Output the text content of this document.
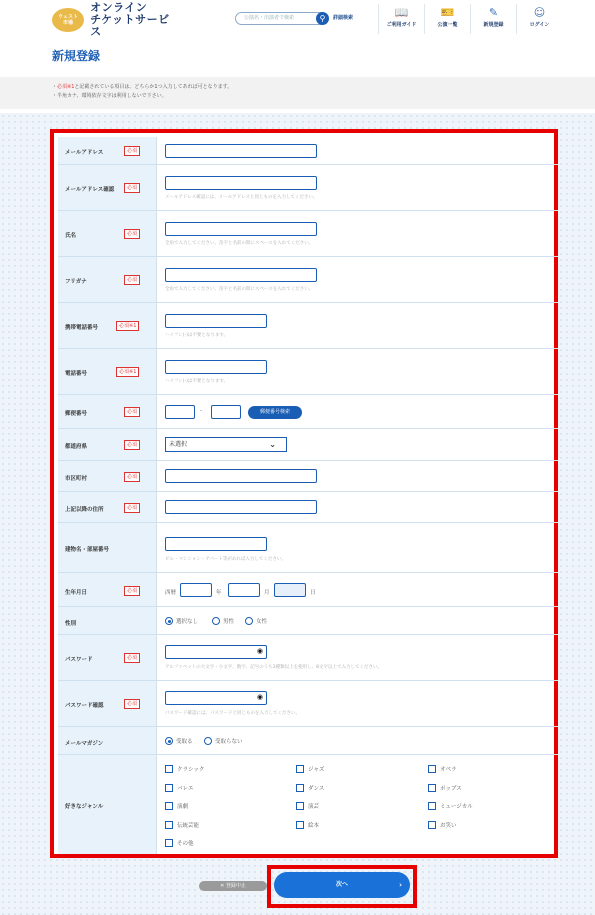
ウェスト
市場
オンライン
チケットサービス
公演名・出演者で検索	⚲	詳細検索	📖
ご利用ガイド
🎫
公演一覧
✎
新規登録
☺
ログイン
新規登録
・必須※1と記載されている項目は、どちらか1つ入力してあれば可となります。
・半角カナ、環境依存文字は利用しないで下さい。
メールアドレス	必須
メールアドレス確認	必須
メールアドレス確認には、メールアドレスと同じものを入力してください。
氏名	必須
全角で入力してください。苗字と名前の間にスペースを入れてください。
フリガナ	必須
全角で入力してください。苗字と名前の間にスペースを入れてください。
携帯電話番号	必須※1
ハイフン(-)は不要となります。
電話番号	必須※1
ハイフン(-)は不要となります。
郵便番号	必須	-	郵便番号検索
都道府県	必須	未選択	⌄
市区町村	必須
上記以降の住所	必須
建物名・部屋番号
ビル・マンション・アパート等があれば入力してください。
生年月日	必須	西暦	年	月	日
性別	選択なし	男性	女性
パスワード	必須
◉
アルファベットの大文字・小文字、数字、記号のうち2種類以上を使用し、8文字以上で入力してください。
パスワード確認	必須
◉
パスワード確認には、パスワードと同じものを入力してください。
メールマガジン	受取る	受取らない
好きなジャンル
クラシック	ジャズ	オペラ
バレエ	ダンス	ポップス
演劇	演芸	ミュージカル
伝統芸能	絵本	お笑い
その他
✕ 登録中止	次へ	›
